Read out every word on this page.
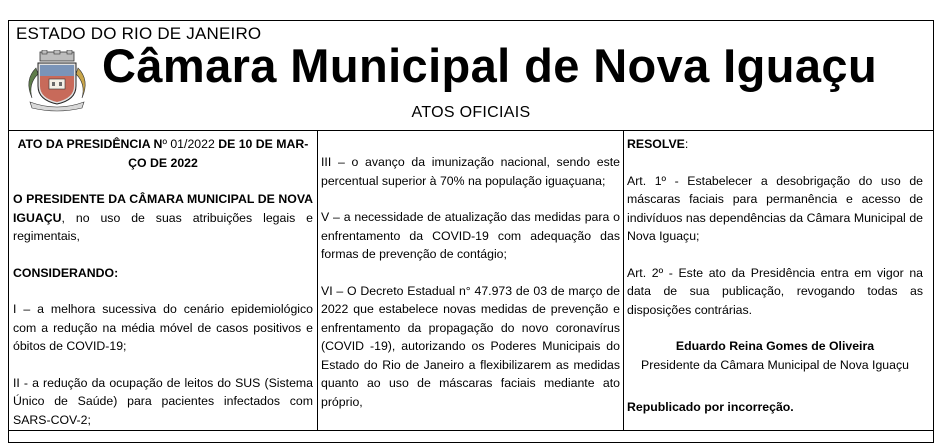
ESTADO DO RIO DE JANEIRO
Câmara Municipal de Nova Iguaçu
ATOS OFICIAIS

ATO DA PRESIDÊNCIA Nº 01/2022 DE 10 DE MAR-
ÇO DE 2022

O PRESIDENTE DA CÂMARA MUNICIPAL DE NOVA IGUAÇU, no uso de suas atribuições legais e regimentais,

CONSIDERANDO:

I – a melhora sucessiva do cenário epidemiológico com a redução na média móvel de casos positivos e óbitos de COVID-19;

II - a redução da ocupação de leitos do SUS (Sistema Único de Saúde) para pacientes infectados com SARS-COV-2;

III – o avanço da imunização nacional, sendo este percentual superior à 70% na população iguaçuana;

V – a necessidade de atualização das medidas para o enfrentamento da COVID-19 com adequação das formas de prevenção de contágio;

VI – O Decreto Estadual n° 47.973 de 03 de março de 2022 que estabelece novas medidas de prevenção e enfrentamento da propagação do novo coronavírus (COVID -19), autorizando os Poderes Municipais do Estado do Rio de Janeiro a flexibilizarem as medidas quanto ao uso de máscaras faciais mediante ato próprio,

RESOLVE:

Art. 1º - Estabelecer a desobrigação do uso de máscaras faciais para permanência e acesso de indivíduos nas dependências da Câmara Municipal de Nova Iguaçu;

Art. 2º - Este ato da Presidência entra em vigor na data de sua publicação, revogando todas as disposições contrárias.

Eduardo Reina Gomes de Oliveira

Presidente da Câmara Municipal de Nova Iguaçu

Republicado por incorreção.
